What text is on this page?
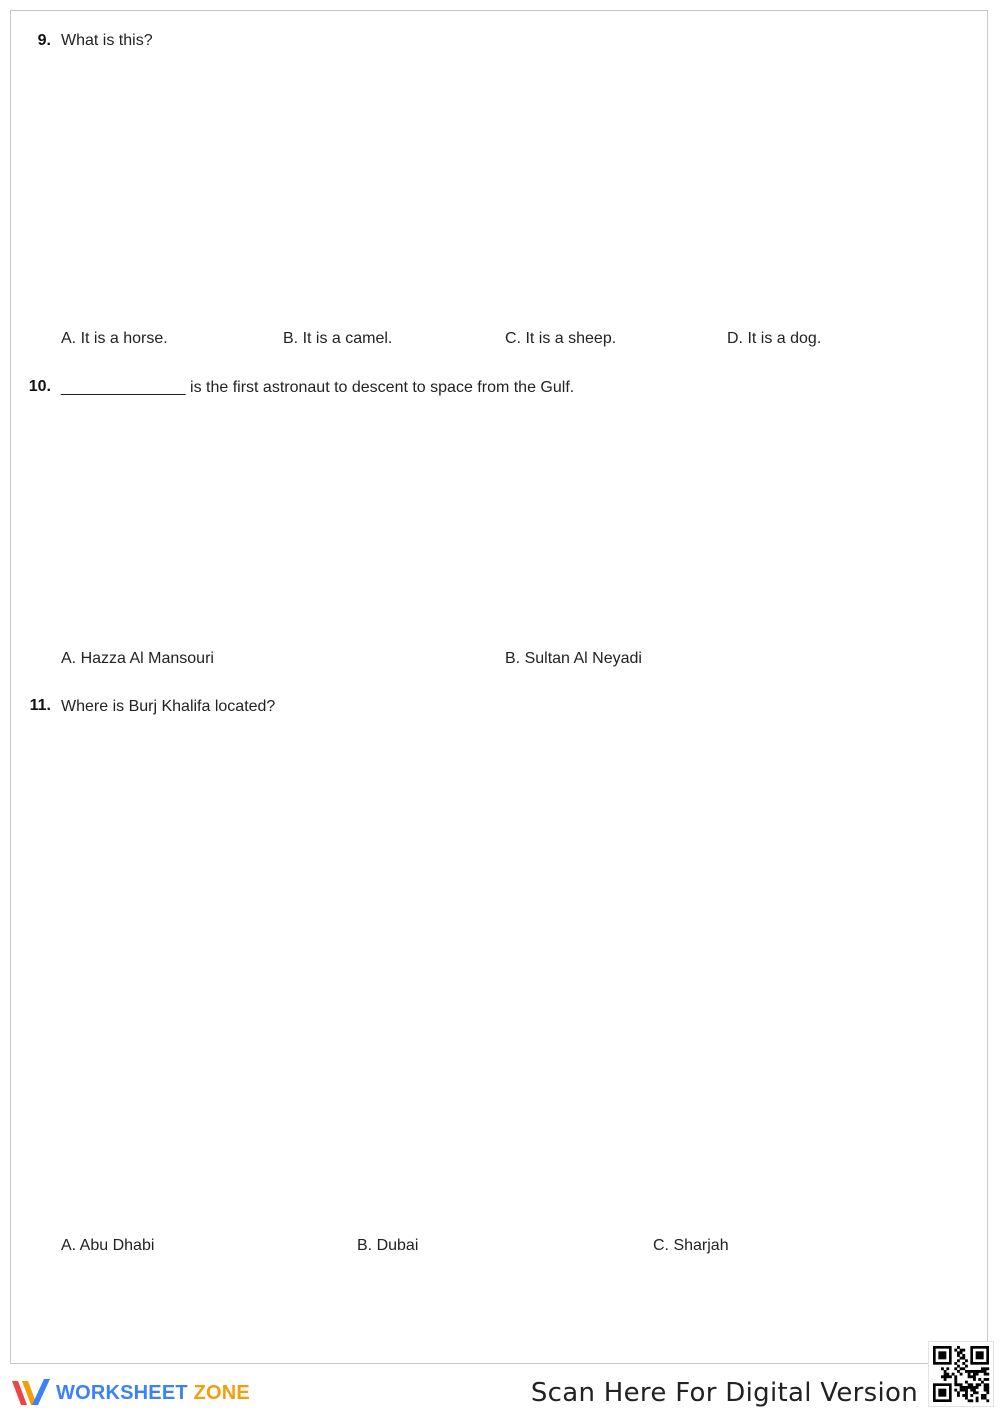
9. What is this?
A. It is a horse.	B. It is a camel.	C. It is a sheep.	D. It is a dog.
10. ______________ is the first astronaut to descent to space from the Gulf.
A. Hazza Al Mansouri	B. Sultan Al Neyadi
11. Where is Burj Khalifa located?
A. Abu Dhabi	B. Dubai	C. Sharjah
WORKSHEET ZONE	Scan Here For Digital Version
